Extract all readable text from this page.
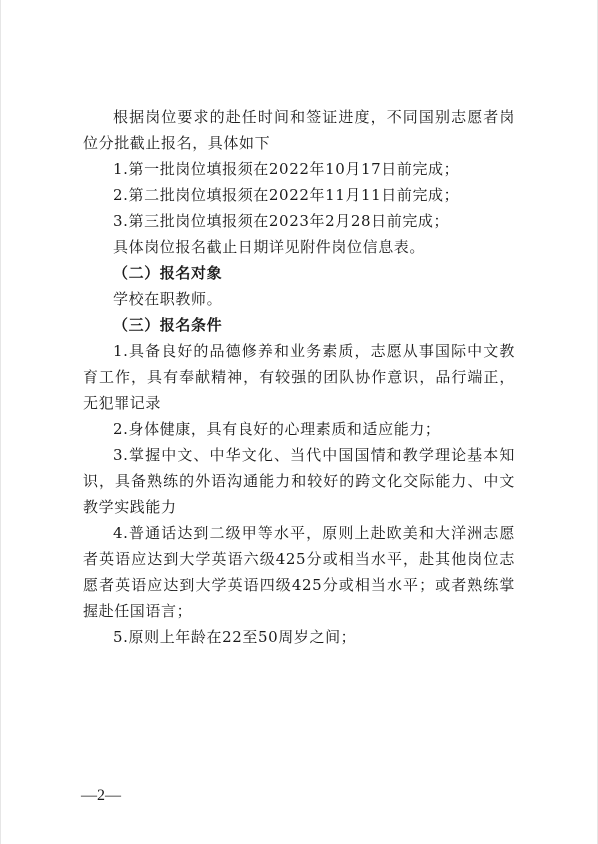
根据岗位要求的赴任时间和签证进度，不同国别志愿者岗位分批截止报名，具体如下

1.第一批岗位填报须在2022年10月17日前完成；

2.第二批岗位填报须在2022年11月11日前完成；

3.第三批岗位填报须在2023年2月28日前完成；

具体岗位报名截止日期详见附件岗位信息表。

（二）报名对象

学校在职教师。

（三）报名条件

1.具备良好的品德修养和业务素质，志愿从事国际中文教育工作，具有奉献精神，有较强的团队协作意识，品行端正，无犯罪记录

2.身体健康，具有良好的心理素质和适应能力；

3.掌握中文、中华文化、当代中国国情和教学理论基本知识，具备熟练的外语沟通能力和较好的跨文化交际能力、中文教学实践能力

4.普通话达到二级甲等水平，原则上赴欧美和大洋洲志愿者英语应达到大学英语六级425分或相当水平，赴其他岗位志愿者英语应达到大学英语四级425分或相当水平；或者熟练掌握赴任国语言；

5.原则上年龄在22至50周岁之间；

—2—
